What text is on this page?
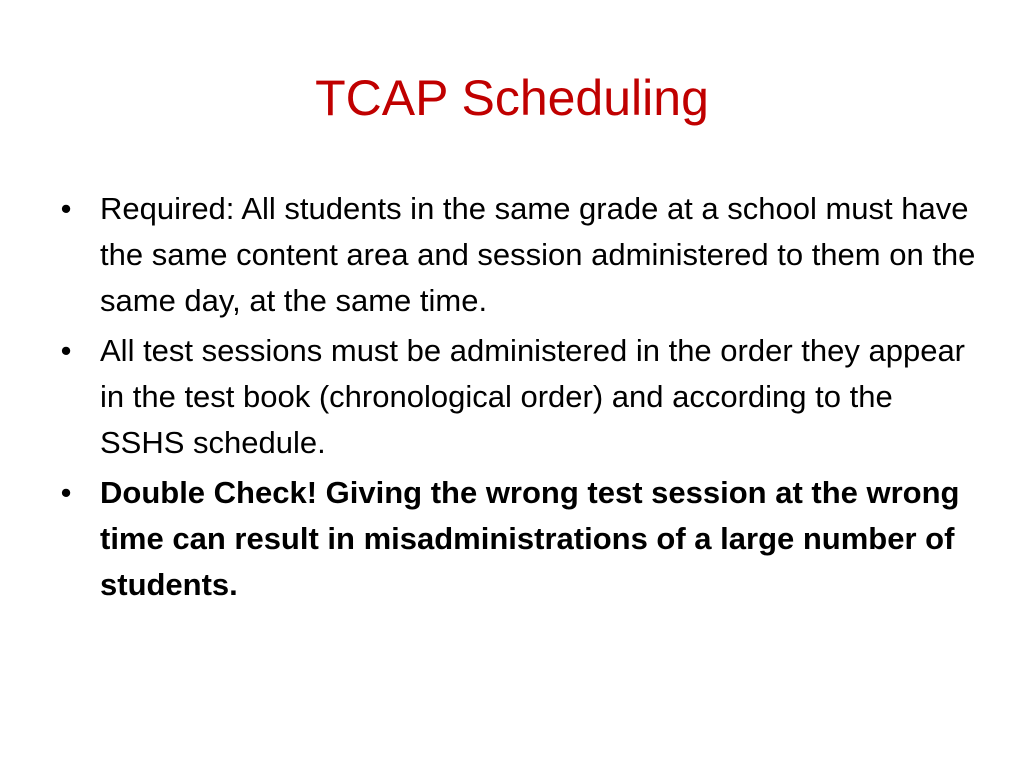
TCAP Scheduling
• Required: All students in the same grade at a school must have the same content area and session administered to them on the same day, at the same time.
• All test sessions must be administered in the order they appear in the test book (chronological order) and according to the SSHS schedule.
• Double Check! Giving the wrong test session at the wrong time can result in misadministrations of a large number of students.
